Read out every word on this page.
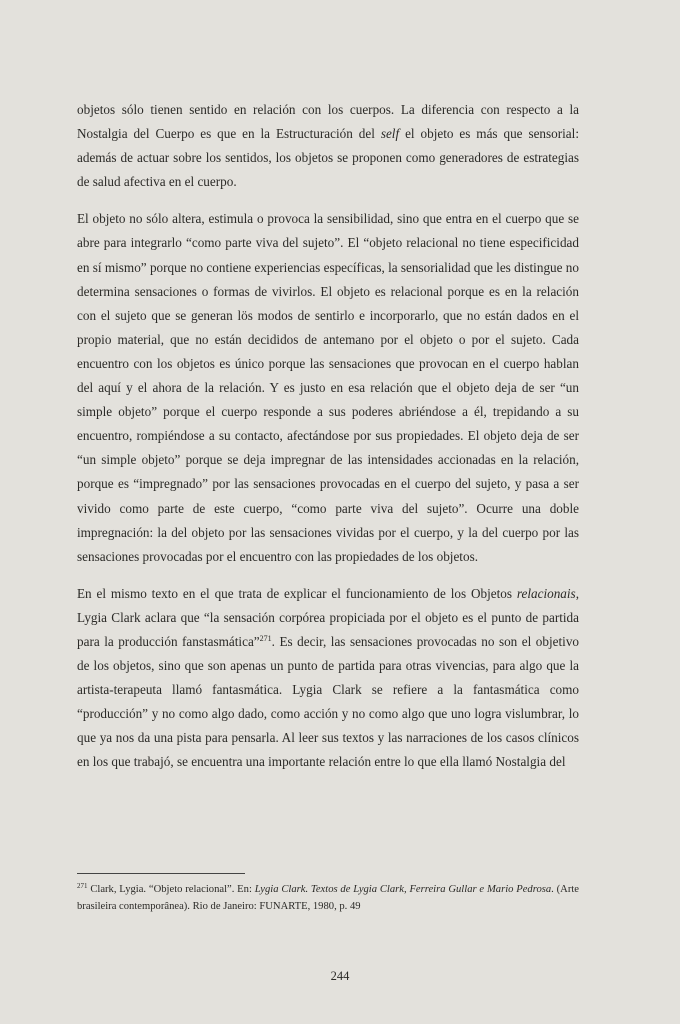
objetos sólo tienen sentido en relación con los cuerpos. La diferencia con respecto a la Nostalgia del Cuerpo es que en la Estructuración del self el objeto es más que sensorial: además de actuar sobre los sentidos, los objetos se proponen como generadores de estrategias de salud afectiva en el cuerpo.

El objeto no sólo altera, estimula o provoca la sensibilidad, sino que entra en el cuerpo que se abre para integrarlo “como parte viva del sujeto”. El “objeto relacional no tiene especificidad en sí mismo” porque no contiene experiencias específicas, la sensorialidad que les distingue no determina sensaciones o formas de vivirlos. El objeto es relacional porque es en la relación con el sujeto que se generan lös modos de sentirlo e incorporarlo, que no están dados en el propio material, que no están decididos de antemano por el objeto o por el sujeto. Cada encuentro con los objetos es único porque las sensaciones que provocan en el cuerpo hablan del aquí y el ahora de la relación. Y es justo en esa relación que el objeto deja de ser “un simple objeto” porque el cuerpo responde a sus poderes abriéndose a él, trepidando a su encuentro, rompiéndose a su contacto, afectándose por sus propiedades. El objeto deja de ser “un simple objeto” porque se deja impregnar de las intensidades accionadas en la relación, porque es “impregnado” por las sensaciones provocadas en el cuerpo del sujeto, y pasa a ser vivido como parte de este cuerpo, “como parte viva del sujeto”. Ocurre una doble impregnación: la del objeto por las sensaciones vividas por el cuerpo, y la del cuerpo por las sensaciones provocadas por el encuentro con las propiedades de los objetos.

En el mismo texto en el que trata de explicar el funcionamiento de los Objetos relacionais, Lygia Clark aclara que “la sensación corpórea propiciada por el objeto es el punto de partida para la producción fanstasmática”$^{271}$. Es decir, las sensaciones provocadas no son el objetivo de los objetos, sino que son apenas un punto de partida para otras vivencias, para algo que la artista-terapeuta llamó fantasmática. Lygia Clark se refiere a la fantasmática como “producción” y no como algo dado, como acción y no como algo que uno logra vislumbrar, lo que ya nos da una pista para pensarla. Al leer sus textos y las narraciones de los casos clínicos en los que trabajó, se encuentra una importante relación entre lo que ella llamó Nostalgia del

$^{271}$ Clark, Lygia. “Objeto relacional”. En: Lygia Clark. Textos de Lygia Clark, Ferreira Gullar e Mario Pedrosa. (Arte brasileira contemporânea). Rio de Janeiro: FUNARTE, 1980, p. 49

244
